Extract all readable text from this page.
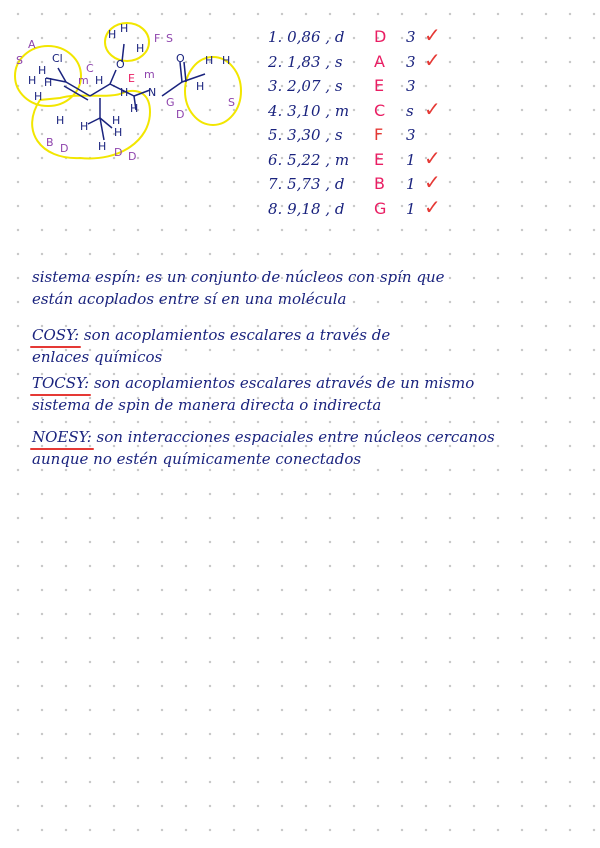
Cl	O	O
N
H
H
H
H
H H H
H
H
H
H
H H
H
H
H H
H
A
S
C
m	m
E
F S
G
D
S
B D	D D
1. 0,86 , d D 3 ✓
2. 1,83 , s A 3 ✓
3. 2,07 , s E 3
4. 3,10 , m C s ✓
5. 3,30 , s F 3
6. 5,22 , m E 1 ✓
7. 5,73 , d B 1 ✓
8. 9,18 , d G 1 ✓
sistema espín: es un conjunto de núcleos con spín que
están acoplados entre sí en una molécula
COSY: son acoplamientos escalares a través de
enlaces químicos
TOCSY: son acoplamientos escalares através de un mismo
sistema de spin de manera directa o indirecta
NOESY: son interacciones espaciales entre núcleos cercanos
aunque no estén químicamente conectados
